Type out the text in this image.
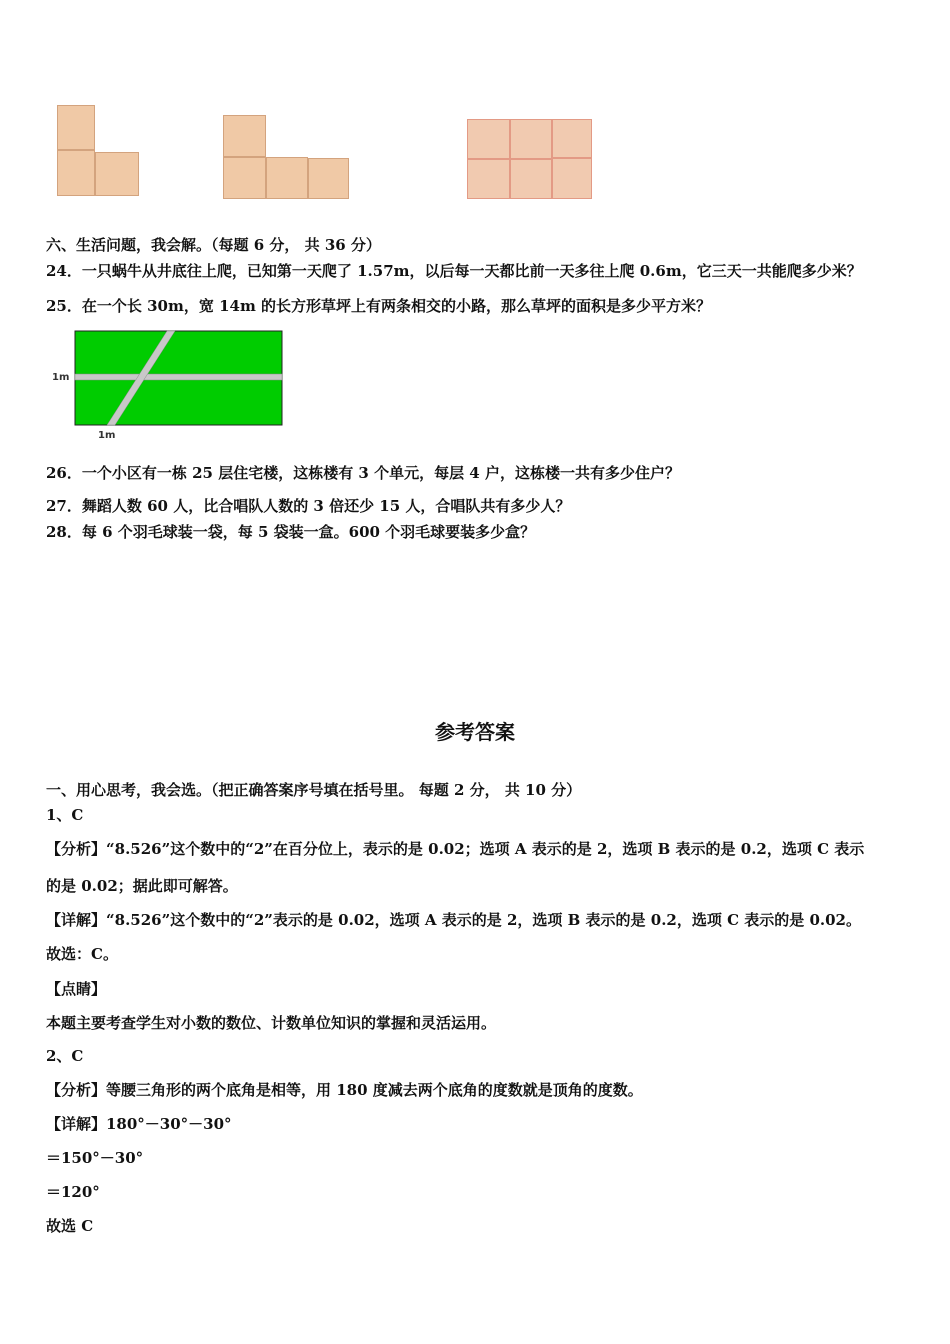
六、生活问题，我会解。（每题 6 分， 共 36 分）
24．一只蜗牛从井底往上爬，已知第一天爬了 1.57m，以后每一天都比前一天多往上爬 0.6m，它三天一共能爬多少米？
25．在一个长 30m，宽 14m 的长方形草坪上有两条相交的小路，那么草坪的面积是多少平方米？
1m
1m
26．一个小区有一栋 25 层住宅楼，这栋楼有 3 个单元，每层 4 户，这栋楼一共有多少住户？
27．舞蹈人数 60 人，比合唱队人数的 3 倍还少 15 人，合唱队共有多少人？
28．每 6 个羽毛球装一袋，每 5 袋装一盒。600 个羽毛球要装多少盒？
参考答案
一、用心思考，我会选。（把正确答案序号填在括号里。 每题 2 分， 共 10 分）
1、C
【分析】“8.526”这个数中的“2”在百分位上，表示的是 0.02；选项 A 表示的是 2，选项 B 表示的是 0.2，选项 C 表示
的是 0.02；据此即可解答。
【详解】“8.526”这个数中的“2”表示的是 0.02，选项 A 表示的是 2，选项 B 表示的是 0.2，选项 C 表示的是 0.02。
故选：C。
【点睛】
本题主要考查学生对小数的数位、计数单位知识的掌握和灵活运用。
2、C
【分析】等腰三角形的两个底角是相等，用 180 度减去两个底角的度数就是顶角的度数。
【详解】180°－30°－30°
＝150°－30°
＝120°
故选 C
